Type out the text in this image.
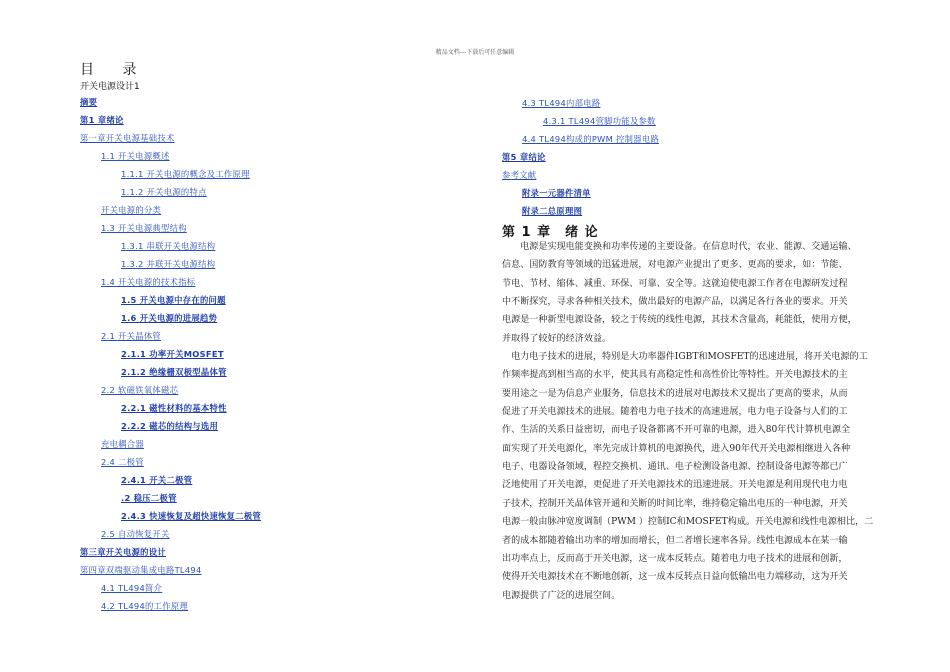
精品文档---下载后可任意编辑
目 录
开关电源设计1
摘要
第1 章绪论
第一章开关电源基础技术
1.1 开关电源概述
1.1.1 开关电源的概念及工作原理
1.1.2 开关电源的特点
开关电源的分类
1.3 开关电源典型结构
1.3.1 串联开关电源结构
1.3.2 并联开关电源结构
1.4 开关电源的技术指标
1.5 开关电源中存在的问题
1.6 开关电源的进展趋势
2.1 开关晶体管
2.1.1 功率开关MOSFET
2.1.2 绝缘栅双极型晶体管
2.2 软磁铁氧体磁芯
2.2.1 磁性材料的基本特性
2.2.2 磁芯的结构与选用
充电耦合器
2.4 二极管
2.4.1 开关二极管
.2 稳压二极管
2.4.3 快速恢复及超快速恢复二极管
2.5 自动恢复开关
第三章开关电源的设计
第四章双端驱动集成电路TL494
4.1 TL494简介
4.2 TL494的工作原理
4.3 TL494内部电路
4.3.1 TL494管脚功能及参数
4.4 TL494构成的PWM 控制器电路
第5 章结论
参考文献
附录一元器件清单
附录二总原理图
第 1 章 绪 论

　　电源是实现电能变换和功率传递的主要设备。在信息时代，农业、能源、交通运输、

信息、国防教育等领域的迅猛进展，对电源产业提出了更多、更高的要求，如：节能、

节电、节材、缩体、减重、环保、可靠、安全等。这就迫使电源工作者在电源研发过程

中不断探究，寻求各种相关技术，做出最好的电源产品，以满足各行各业的要求。开关

电源是一种新型电源设备，较之于传统的线性电源，其技术含量高，耗能低，使用方便，

并取得了较好的经济效益。

　电力电子技术的进展，特别是大功率器件IGBT和MOSFET的迅速进展，将开关电源的工

作频率提高到相当高的水平，使其具有高稳定性和高性价比等特性。开关电源技术的主

要用途之一是为信息产业服务，信息技术的进展对电源技术又提出了更高的要求，从而

促进了开关电源技术的进展。随着电力电子技术的高速进展，电力电子设备与人们的工

作、生活的关系日益密切，而电子设备都离不开可靠的电源，进入80年代计算机电源全

面实现了开关电源化，率先完成计算机的电源换代，进入90年代开关电源相继进入各种

电子、电器设备领域，程控交换机、通讯、电子检测设备电源、控制设备电源等都已广

泛地使用了开关电源，更促进了开关电源技术的迅速进展。开关电源是利用现代电力电

子技术，控制开关晶体管开通和关断的时间比率，维持稳定输出电压的一种电源，开关

电源一般由脉冲宽度调制（PWM ）控制IC和MOSFET构成。开关电源和线性电源相比，二

者的成本都随着输出功率的增加而增长，但二者增长速率各异。线性电源成本在某一输

出功率点上，反而高于开关电源，这一成本反转点。随着电力电子技术的进展和创新，

使得开关电源技术在不断地创新，这一成本反转点日益向低输出电力端移动，这为开关

电源提供了广泛的进展空间。
